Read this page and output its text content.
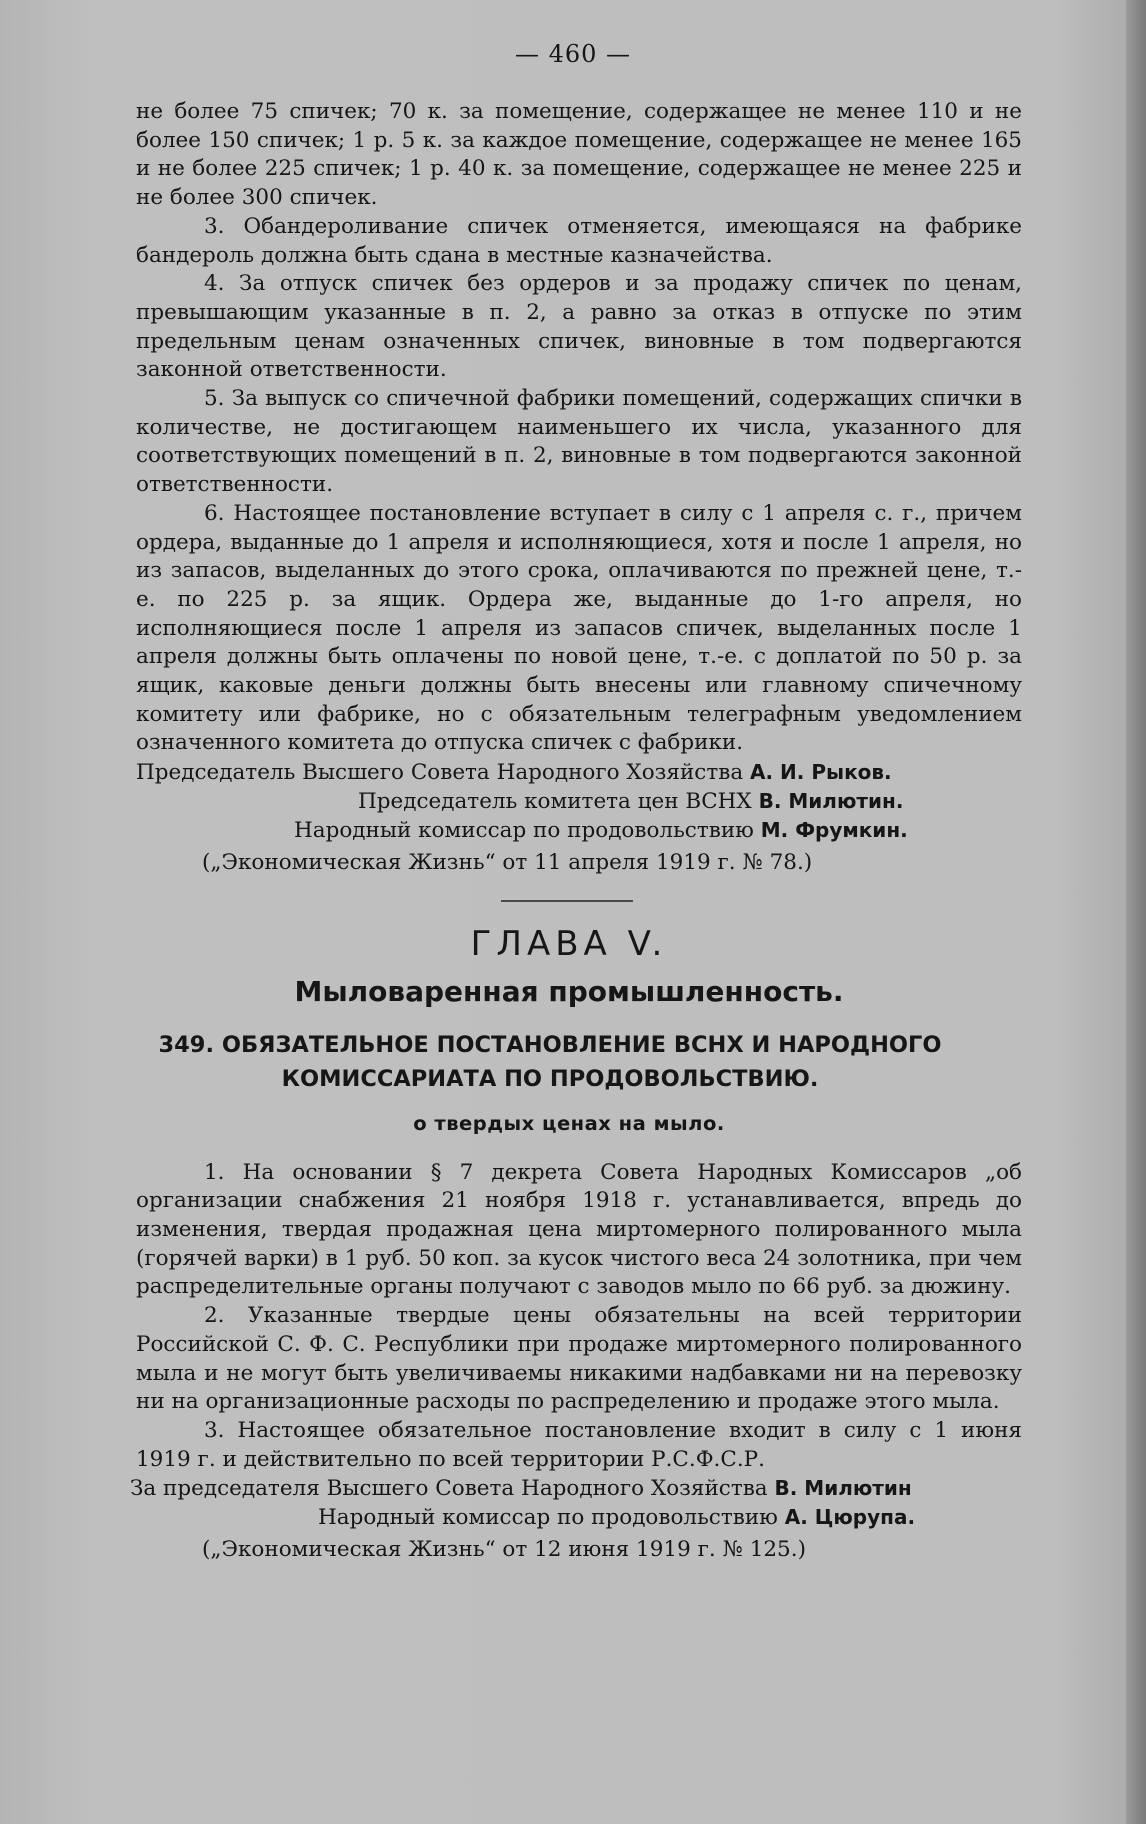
— 460 —

не более 75 спичек; 70 к. за помещение, содержащее не менее 110 и не более 150 спичек; 1 р. 5 к. за каждое помещение, содержащее не менее 165 и не более 225 спичек; 1 р. 40 к. за помещение, содержащее не менее 225 и не более 300 спичек.

3. Обандероливание спичек отменяется, имеющаяся на фабрике бандероль должна быть сдана в местные казначейства.

4. За отпуск спичек без ордеров и за продажу спичек по ценам, превышающим указанные в п. 2, а равно за отказ в отпуске по этим предельным ценам означенных спичек, виновные в том подвергаются законной ответственности.

5. За выпуск со спичечной фабрики помещений, содержащих спички в количестве, не достигающем наименьшего их числа, указанного для соответствующих помещений в п. 2, виновные в том подвергаются законной ответственности.

6. Настоящее постановление вступает в силу с 1 апреля с. г., причем ордера, выданные до 1 апреля и исполняющиеся, хотя и после 1 апреля, но из запасов, выделанных до этого срока, оплачиваются по прежней цене, т.-е. по 225 р. за ящик. Ордера же, выданные до 1-го апреля, но исполняющиеся после 1 апреля из запасов спичек, выделанных после 1 апреля должны быть оплачены по новой цене, т.-е. с доплатой по 50 р. за ящик, каковые деньги должны быть внесены или главному спичечному комитету или фабрике, но с обязательным телеграфным уведомлением означенного комитета до отпуска спичек с фабрики.

Председатель Высшего Совета Народного Хозяйства А. И. Рыков.

Председатель комитета цен ВСНХ В. Милютин.

Народный комиссар по продовольствию М. Фрумкин.

(„Экономическая Жизнь“ от 11 апреля 1919 г. № 78.)

ГЛАВА V.
Мыловаренная промышленность.
349. ОБЯЗАТЕЛЬНОЕ ПОСТАНОВЛЕНИЕ ВСНХ И НАРОДНОГО КОМИССАРИАТА ПО ПРОДОВОЛЬСТВИЮ.
о твердых ценах на мыло.

1. На основании § 7 декрета Совета Народных Комиссаров „об организации снабжения 21 ноября 1918 г. устанавливается, впредь до изменения, твердая продажная цена миртомерного полированного мыла (горячей варки) в 1 руб. 50 коп. за кусок чистого веса 24 золотника, при чем распределительные органы получают с заводов мыло по 66 руб. за дюжину.

2. Указанные твердые цены обязательны на всей территории Российской С. Ф. С. Республики при продаже миртомерного полированного мыла и не могут быть увеличиваемы никакими надбавками ни на перевозку ни на организационные расходы по распределению и продаже этого мыла.

3. Настоящее обязательное постановление входит в силу с 1 июня 1919 г. и действительно по всей территории Р.С.Ф.С.Р.

За председателя Высшего Совета Народного Хозяйства В. Милютин

Народный комиссар по продовольствию А. Цюрупа.

(„Экономическая Жизнь“ от 12 июня 1919 г. № 125.)
